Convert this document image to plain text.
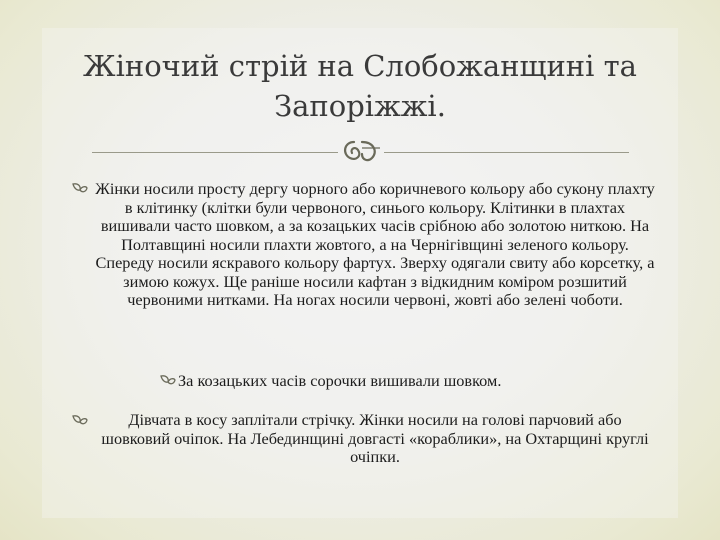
Жіночий стрій на Слобожанщині та Запоріжжі.

Жінки носили просту дергу чорного або коричневого кольору або сукону плахту в клітинку (клітки були червоного, синього кольору. Клітинки в плахтах вишивали часто шовком, а за козацьких часів срібною або золотою ниткою. На Полтавщині носили плахти жовтого, а на Чернігівщині зеленого кольору. Спереду носили яскравого кольору фартух. Зверху одягали свиту або корсетку, а зимою кожух. Ще раніше носили кафтан з відкидним коміром розшитий червоними нитками. На ногах носили червоні, жовті або зелені чоботи.

За козацьких часів сорочки вишивали шовком.

Дівчата в косу заплітали стрічку. Жінки носили на голові парчовий або шовковий очіпок. На Лебединщині довгасті «кораблики», на Охтарщині круглі очіпки.
